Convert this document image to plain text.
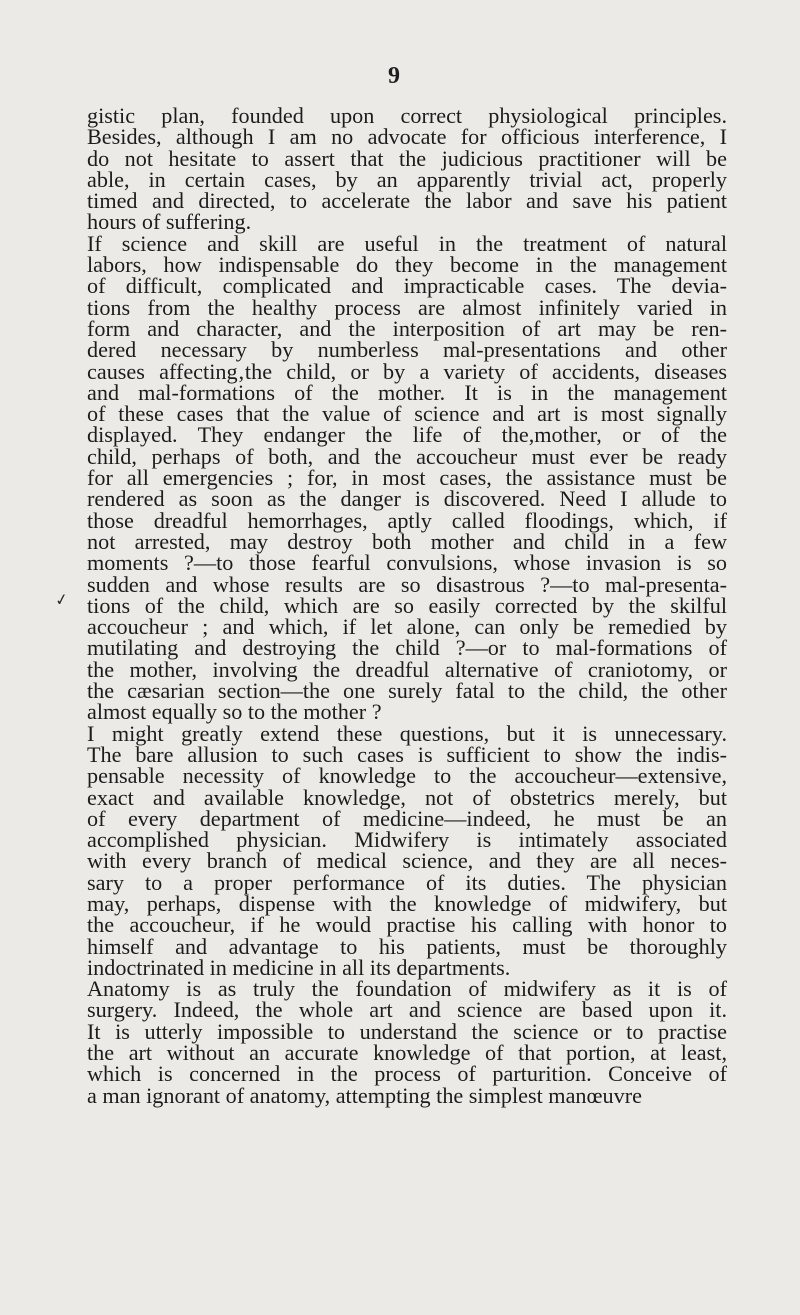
9
✓
gistic plan, founded upon correct physiological principles.
Besides, although I am no advocate for officious interference, I
do not hesitate to assert that the judicious practitioner will be
able, in certain cases, by an apparently trivial act, properly
timed and directed, to accelerate the labor and save his patient
hours of suffering.
If science and skill are useful in the treatment of natural
labors, how indispensable do they become in the management
of difficult, complicated and impracticable cases. The devia-
tions from the healthy process are almost infinitely varied in
form and character, and the interposition of art may be ren-
dered necessary by numberless mal-presentations and other
causes affecting‚the child, or by a variety of accidents, diseases
and mal-formations of the mother. It is in the management
of these cases that the value of science and art is most signally
displayed. They endanger the life of the,mother, or of the
child, perhaps of both, and the accoucheur must ever be ready
for all emergencies ; for, in most cases, the assistance must be
rendered as soon as the danger is discovered. Need I allude to
those dreadful hemorrhages, aptly called floodings, which, if
not arrested, may destroy both mother and child in a few
moments ?—to those fearful convulsions, whose invasion is so
sudden and whose results are so disastrous ?—to mal-presenta-
tions of the child, which are so easily corrected by the skilful
accoucheur ; and which, if let alone, can only be remedied by
mutilating and destroying the child ?—or to mal-formations of
the mother, involving the dreadful alternative of craniotomy, or
the cæsarian section—the one surely fatal to the child, the other
almost equally so to the mother ?
I might greatly extend these questions, but it is unnecessary.
The bare allusion to such cases is sufficient to show the indis-
pensable necessity of knowledge to the accoucheur—extensive,
exact and available knowledge, not of obstetrics merely, but
of every department of medicine—indeed, he must be an
accomplished physician. Midwifery is intimately associated
with every branch of medical science, and they are all neces-
sary to a proper performance of its duties. The physician
may, perhaps, dispense with the knowledge of midwifery, but
the accoucheur, if he would practise his calling with honor to
himself and advantage to his patients, must be thoroughly
indoctrinated in medicine in all its departments.
Anatomy is as truly the foundation of midwifery as it is of
surgery. Indeed, the whole art and science are based upon it.
It is utterly impossible to understand the science or to practise
the art without an accurate knowledge of that portion, at least,
which is concerned in the process of parturition. Conceive of
a man ignorant of anatomy, attempting the simplest manœuvre
